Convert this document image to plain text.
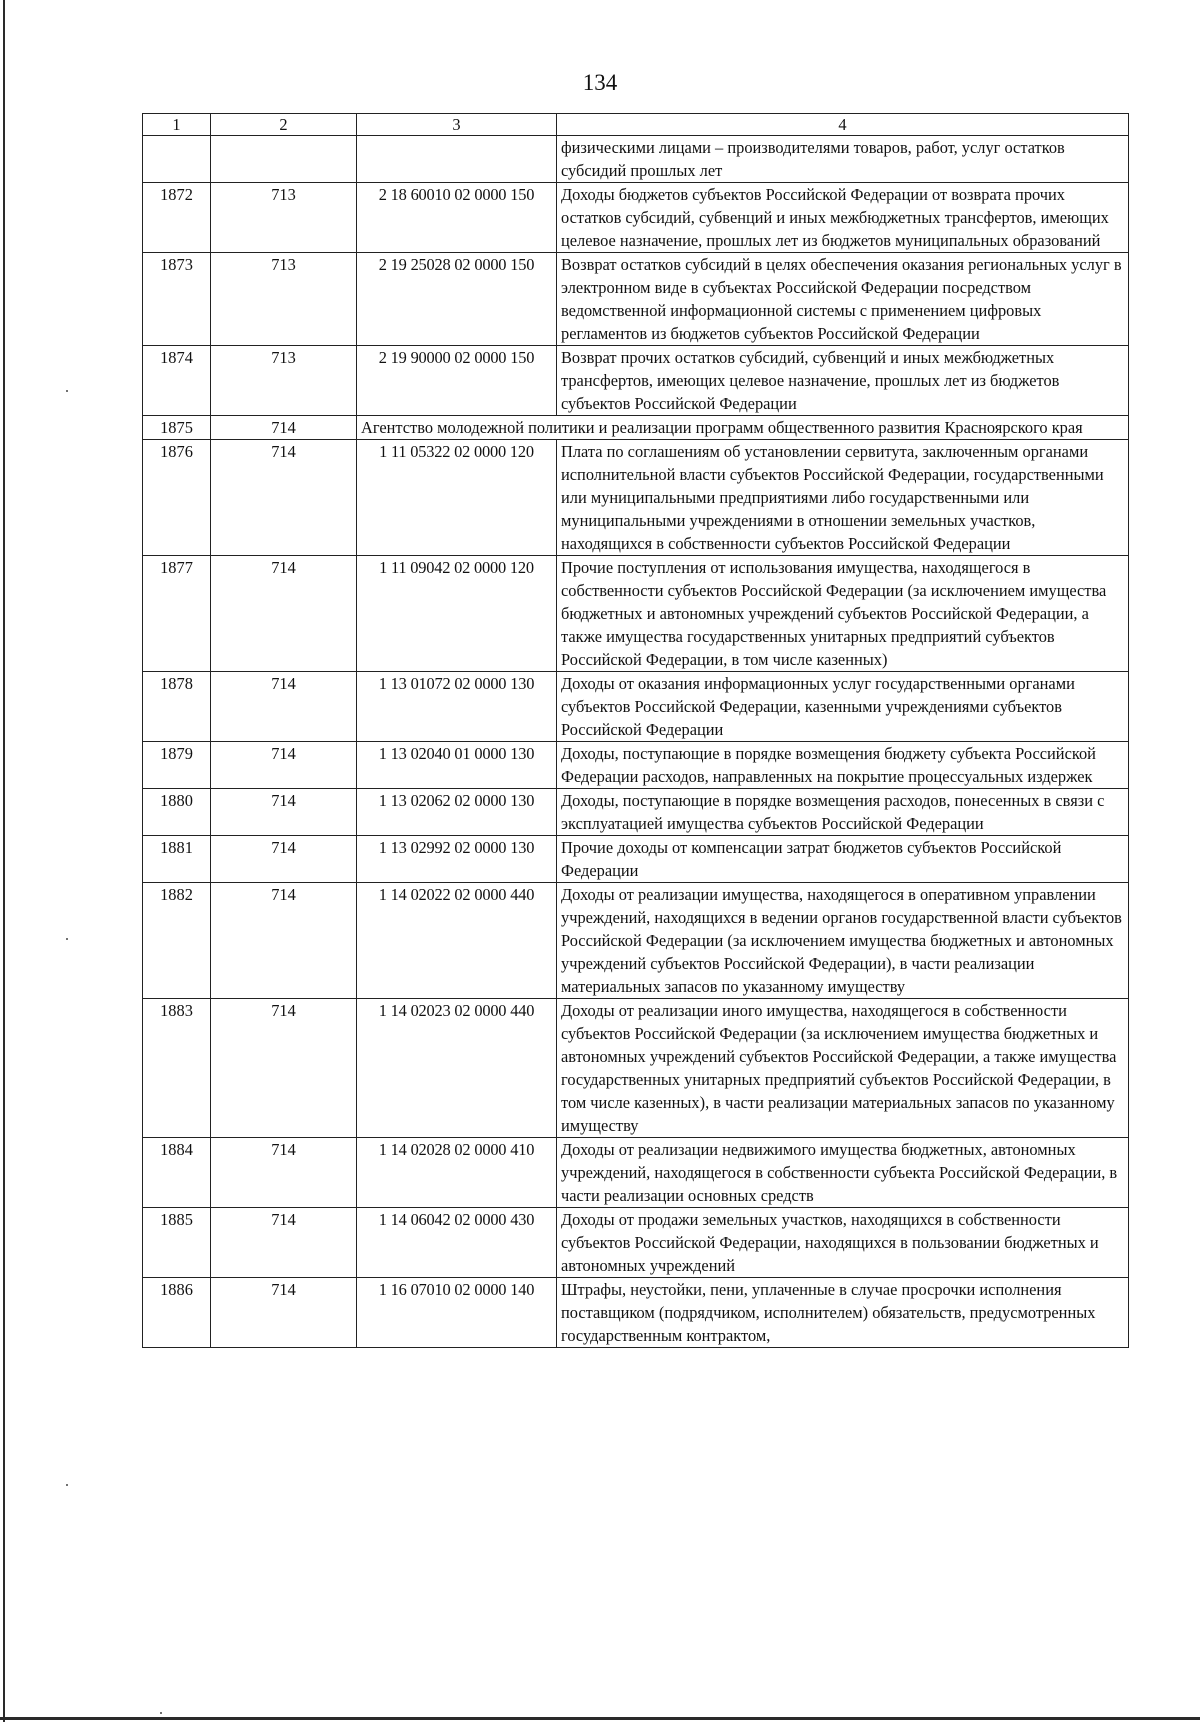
134
1	2	3	4
			физическими лицами – производителями товаров, работ, услуг остатков субсидий прошлых лет
1872	713	2 18 60010 02 0000 150	Доходы бюджетов субъектов Российской Федерации от возврата прочих остатков субсидий, субвенций и иных межбюджетных трансфертов, имеющих целевое назначение, прошлых лет из бюджетов муниципальных образований
1873	713	2 19 25028 02 0000 150	Возврат остатков субсидий в целях обеспечения оказания региональных услуг в электронном виде в субъектах Российской Федерации посредством ведомственной информационной системы с применением цифровых регламентов из бюджетов субъектов Российской Федерации
1874	713	2 19 90000 02 0000 150	Возврат прочих остатков субсидий, субвенций и иных межбюджетных трансфертов, имеющих целевое назначение, прошлых лет из бюджетов субъектов Российской Федерации
1875	714	Агентство молодежной политики и реализации программ общественного развития Красноярского края	
1876	714	1 11 05322 02 0000 120	Плата по соглашениям об установлении сервитута, заключенным органами исполнительной власти субъектов Российской Федерации, государственными или муниципальными предприятиями либо государственными или муниципальными учреждениями в отношении земельных участков, находящихся в собственности субъектов Российской Федерации
1877	714	1 11 09042 02 0000 120	Прочие поступления от использования имущества, находящегося в собственности субъектов Российской Федерации (за исключением имущества бюджетных и автономных учреждений субъектов Российской Федерации, а также имущества государственных унитарных предприятий субъектов Российской Федерации, в том числе казенных)
1878	714	1 13 01072 02 0000 130	Доходы от оказания информационных услуг государственными органами субъектов Российской Федерации, казенными учреждениями субъектов Российской Федерации
1879	714	1 13 02040 01 0000 130	Доходы, поступающие в порядке возмещения бюджету субъекта Российской Федерации расходов, направленных на покрытие процессуальных издержек
1880	714	1 13 02062 02 0000 130	Доходы, поступающие в порядке возмещения расходов, понесенных в связи с эксплуатацией имущества субъектов Российской Федерации
1881	714	1 13 02992 02 0000 130	Прочие доходы от компенсации затрат бюджетов субъектов Российской Федерации
1882	714	1 14 02022 02 0000 440	Доходы от реализации имущества, находящегося в оперативном управлении учреждений, находящихся в ведении органов государственной власти субъектов Российской Федерации (за исключением имущества бюджетных и автономных учреждений субъектов Российской Федерации), в части реализации материальных запасов по указанному имуществу
1883	714	1 14 02023 02 0000 440	Доходы от реализации иного имущества, находящегося в собственности субъектов Российской Федерации (за исключением имущества бюджетных и автономных учреждений субъектов Российской Федерации, а также имущества государственных унитарных предприятий субъектов Российской Федерации, в том числе казенных), в части реализации материальных запасов по указанному имуществу
1884	714	1 14 02028 02 0000 410	Доходы от реализации недвижимого имущества бюджетных, автономных учреждений, находящегося в собственности субъекта Российской Федерации, в части реализации основных средств
1885	714	1 14 06042 02 0000 430	Доходы от продажи земельных участков, находящихся в собственности субъектов Российской Федерации, находящихся в пользовании бюджетных и автономных учреждений
1886	714	1 16 07010 02 0000 140	Штрафы, неустойки, пени, уплаченные в случае просрочки исполнения поставщиком (подрядчиком, исполнителем) обязательств, предусмотренных государственным контрактом,
